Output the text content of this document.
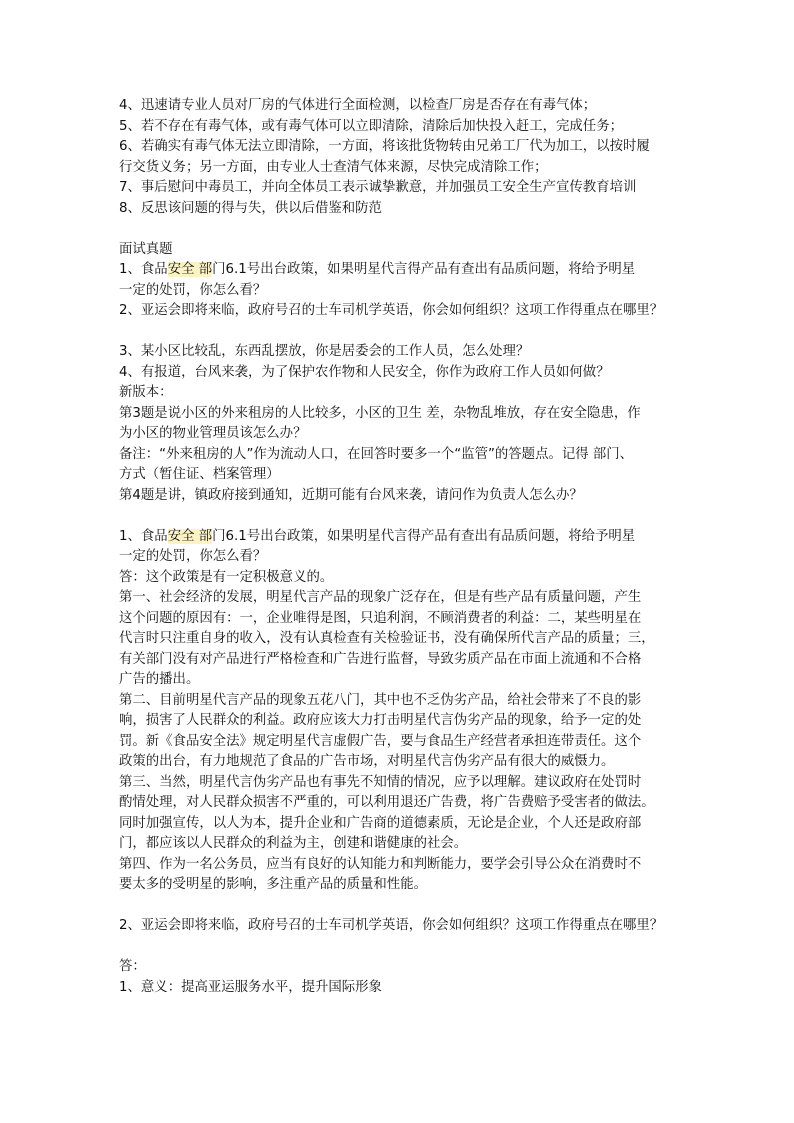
4、迅速请专业人员对厂房的气体进行全面检测，以检查厂房是否存在有毒气体；
5、若不存在有毒气体，或有毒气体可以立即清除，清除后加快投入赶工，完成任务；
6、若确实有毒气体无法立即清除，一方面，将该批货物转由兄弟工厂代为加工，以按时履
行交货义务；另一方面，由专业人士查清气体来源，尽快完成清除工作；
7、事后慰问中毒员工，并向全体员工表示诚挚歉意，并加强员工安全生产宣传教育培训
8、反思该问题的得与失，供以后借鉴和防范
面试真题
1、食品安全 部门6.1号出台政策，如果明星代言得产品有查出有品质问题，将给予明星
一定的处罚，你怎么看？
2、亚运会即将来临，政府号召的士车司机学英语，你会如何组织？这项工作得重点在哪里？
3、某小区比较乱，东西乱摆放，你是居委会的工作人员，怎么处理？
4、有报道，台风来袭，为了保护农作物和人民安全，你作为政府工作人员如何做？
新版本：
第3题是说小区的外来租房的人比较多，小区的卫生 差，杂物乱堆放，存在安全隐患，作
为小区的物业管理员该怎么办？
备注：“外来租房的人”作为流动人口，在回答时要多一个“监管”的答题点。记得 部门、
方式（暂住证、档案管理）
第4题是讲，镇政府接到通知，近期可能有台风来袭，请问作为负责人怎么办？
1、食品安全 部门6.1号出台政策，如果明星代言得产品有查出有品质问题，将给予明星
一定的处罚，你怎么看？
答：这个政策是有一定积极意义的。
第一、社会经济的发展，明星代言产品的现象广泛存在，但是有些产品有质量问题，产生
这个问题的原因有：一，企业唯得是图，只追利润，不顾消费者的利益：二，某些明星在
代言时只注重自身的收入，没有认真检查有关检验证书，没有确保所代言产品的质量；三，
有关部门没有对产品进行严格检查和广告进行监督，导致劣质产品在市面上流通和不合格
广告的播出。
第二、目前明星代言产品的现象五花八门，其中也不乏伪劣产品，给社会带来了不良的影
响，损害了人民群众的利益。政府应该大力打击明星代言伪劣产品的现象，给予一定的处
罚。新《食品安全法》规定明星代言虚假广告，要与食品生产经营者承担连带责任。这个
政策的出台，有力地规范了食品的广告市场，对明星代言伪劣产品有很大的威慑力。
第三、当然，明星代言伪劣产品也有事先不知情的情况，应予以理解。建议政府在处罚时
酌情处理，对人民群众损害不严重的，可以利用退还广告费，将广告费赔予受害者的做法。
同时加强宣传，以人为本，提升企业和广告商的道德素质，无论是企业，个人还是政府部
门，都应该以人民群众的利益为主，创建和谐健康的社会。
第四、作为一名公务员，应当有良好的认知能力和判断能力，要学会引导公众在消费时不
要太多的受明星的影响，多注重产品的质量和性能。
2、亚运会即将来临，政府号召的士车司机学英语，你会如何组织？这项工作得重点在哪里？
答：
1、意义：提高亚运服务水平，提升国际形象
